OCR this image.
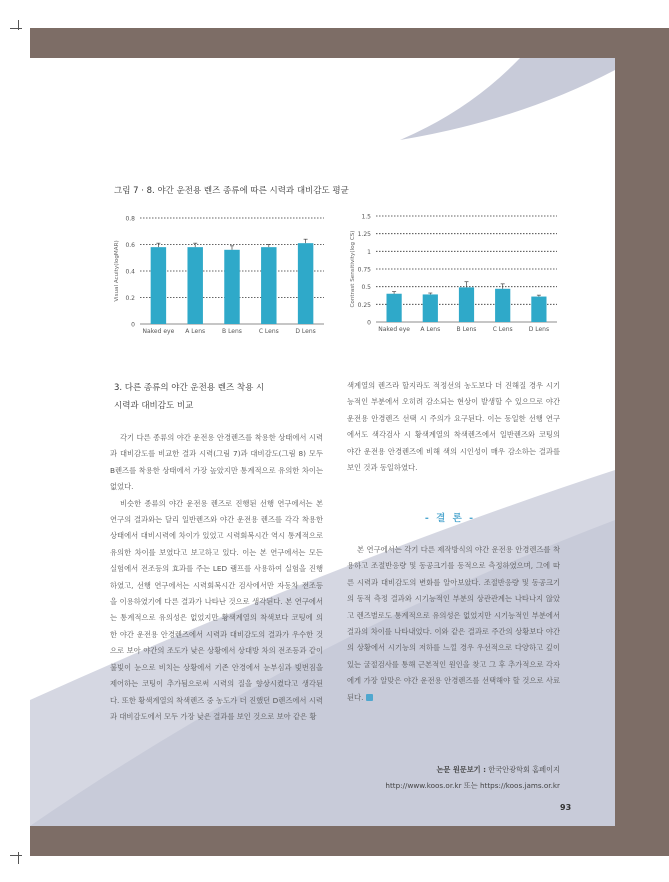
그림 7 · 8. 야간 운전용 렌즈 종류에 따른 시력과 대비감도 평균
0
0.2
0.4
0.6
0.8
Visual Acuity(logMAR)
Naked eye A Lens	B Lens	C Lens	D Lens
0
0.25
0.5
0.75
1
1.25
1.5
Contrast Sensitivity(log CS)
Naked eye A Lens	B Lens	C Lens	D Lens
3. 다른 종류의 야간 운전용 렌즈 착용 시
시력과 대비감도 비교

각기 다른 종류의 야간 운전용 안경렌즈를 착용한 상태에서 시력과 대비감도를 비교한 결과 시력(그림 7)과 대비감도(그림 8) 모두 B렌즈를 착용한 상태에서 가장 높았지만 통계적으로 유의한 차이는 없었다.

비슷한 종류의 야간 운전용 렌즈로 진행된 선행 연구에서는 본 연구의 결과와는 달리 일반렌즈와 야간 운전용 렌즈를 각각 착용한 상태에서 대비시력에 차이가 있었고 시력회복시간 역시 통계적으로 유의한 차이를 보였다고 보고하고 있다. 이는 본 연구에서는 모든 실험에서 전조등의 효과를 주는 LED 램프를 사용하여 실험을 진행하였고, 선행 연구에서는 시력회복시간 검사에서만 자동차 전조등을 이용하였기에 다른 결과가 나타난 것으로 생각된다. 본 연구에서는 통계적으로 유의성은 없었지만 황색계열의 착색보다 코팅에 의한 야간 운전용 안경렌즈에서 시력과 대비감도의 결과가 우수한 것으로 보아 야간의 조도가 낮은 상황에서 상대방 차의 전조등과 같이 불빛이 눈으로 비치는 상황에서 기존 안경에서 눈부심과 빛번짐을 제어하는 코팅이 추가됨으로써 시력의 질을 향상시켰다고 생각된다. 또한 황색계열의 착색렌즈 중 농도가 더 진했던 D렌즈에서 시력과 대비감도에서 모두 가장 낮은 결과를 보인 것으로 보아 같은 황

색계열의 렌즈라 할지라도 적정선의 농도보다 더 진해질 경우 시기능적인 부분에서 오히려 감소되는 현상이 발생할 수 있으므로 야간 운전용 안경렌즈 선택 시 주의가 요구된다. 이는 동일한 선행 연구에서도 색각검사 시 황색계열의 착색렌즈에서 일반렌즈와 코팅의 야간 운전용 안경렌즈에 비해 색의 시인성이 매우 감소하는 결과를 보인 것과 동일하였다.

- 결 론 -

본 연구에서는 각기 다른 제작방식의 야간 운전용 안경렌즈를 착용하고 조절반응량 및 동공크기를 동적으로 측정하였으며, 그에 따른 시력과 대비감도의 변화를 알아보았다. 조절반응량 및 동공크기의 동적 측정 결과와 시기능적인 부분의 상관관계는 나타나지 않았고 렌즈별로도 통계적으로 유의성은 없었지만 시기능적인 부분에서 결과의 차이를 나타내었다. 이와 같은 결과로 주간의 상황보다 야간의 상황에서 시기능의 저하를 느낄 경우 우선적으로 다양하고 깊이 있는 굴절검사를 통해 근본적인 원인을 찾고 그 후 추가적으로 각자에게 가장 알맞은 야간 운전용 안경렌즈를 선택해야 할 것으로 사료된다.

논문 원문보기 : 한국안광학회 홈페이지
http://www.koos.or.kr 또는 https://koos.jams.or.kr
93
